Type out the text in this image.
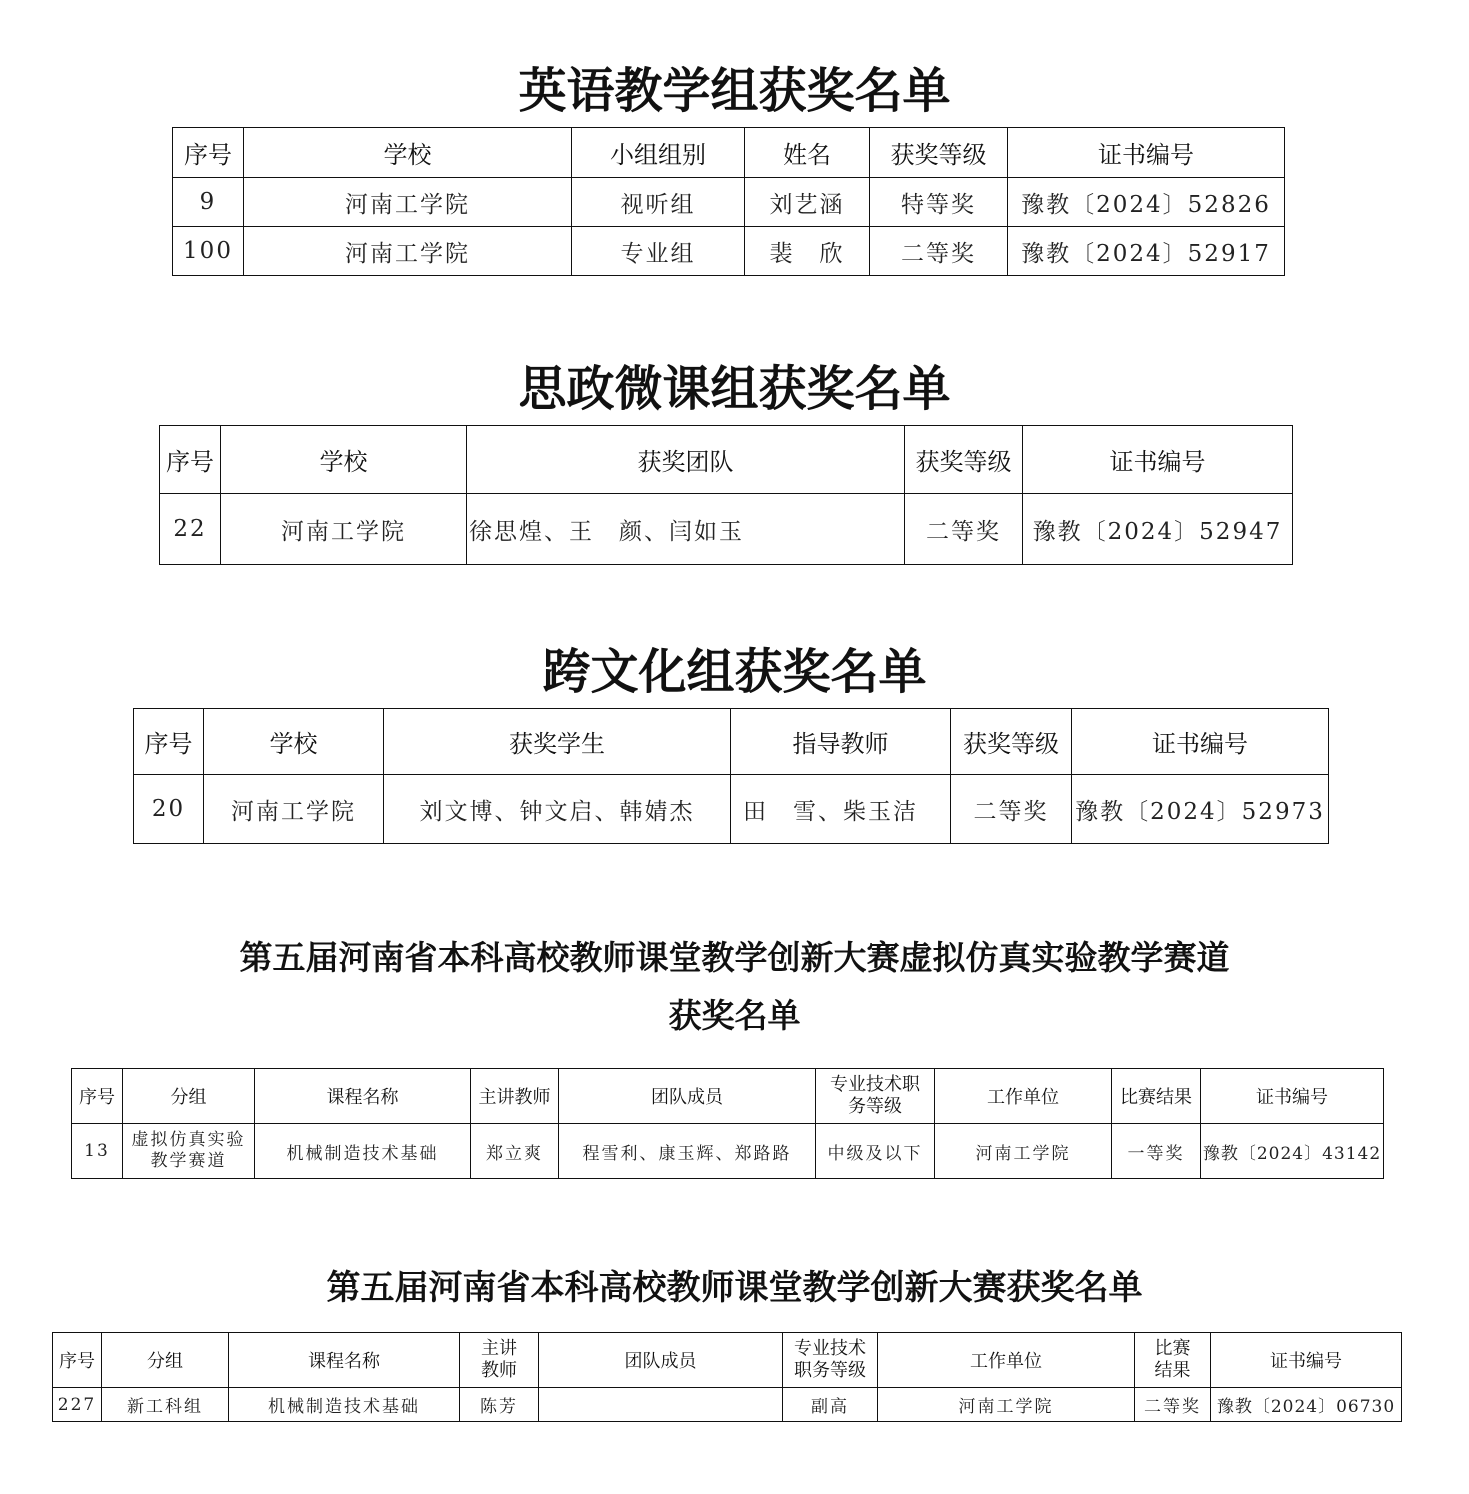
英语教学组获奖名单
序号	学校	小组组别	姓名	获奖等级	证书编号
9	河南工学院	视听组	刘艺涵	特等奖	豫教〔2024〕52826
100	河南工学院	专业组	裴　欣	二等奖	豫教〔2024〕52917
思政微课组获奖名单
序号	学校	获奖团队	获奖等级	证书编号
22	河南工学院	徐思煌、王　颜、闫如玉	二等奖	豫教〔2024〕52947
跨文化组获奖名单
序号	学校	获奖学生	指导教师	获奖等级	证书编号
20	河南工学院	刘文博、钟文启、韩婧杰	田　雪、柴玉洁	二等奖	豫教〔2024〕52973
第五届河南省本科高校教师课堂教学创新大赛虚拟仿真实验教学赛道
获奖名单
序号	分组	课程名称	主讲教师	团队成员	专业技术职务等级	工作单位	比赛结果	证书编号
13	虚拟仿真实验教学赛道	机械制造技术基础	郑立爽	程雪利、康玉辉、郑路路	中级及以下	河南工学院	一等奖	豫教〔2024〕43142
第五届河南省本科高校教师课堂教学创新大赛获奖名单
序号	分组	课程名称	主讲教师	团队成员	专业技术职务等级	工作单位	比赛结果	证书编号
227	新工科组	机械制造技术基础	陈芳		副高	河南工学院	二等奖	豫教〔2024〕06730
